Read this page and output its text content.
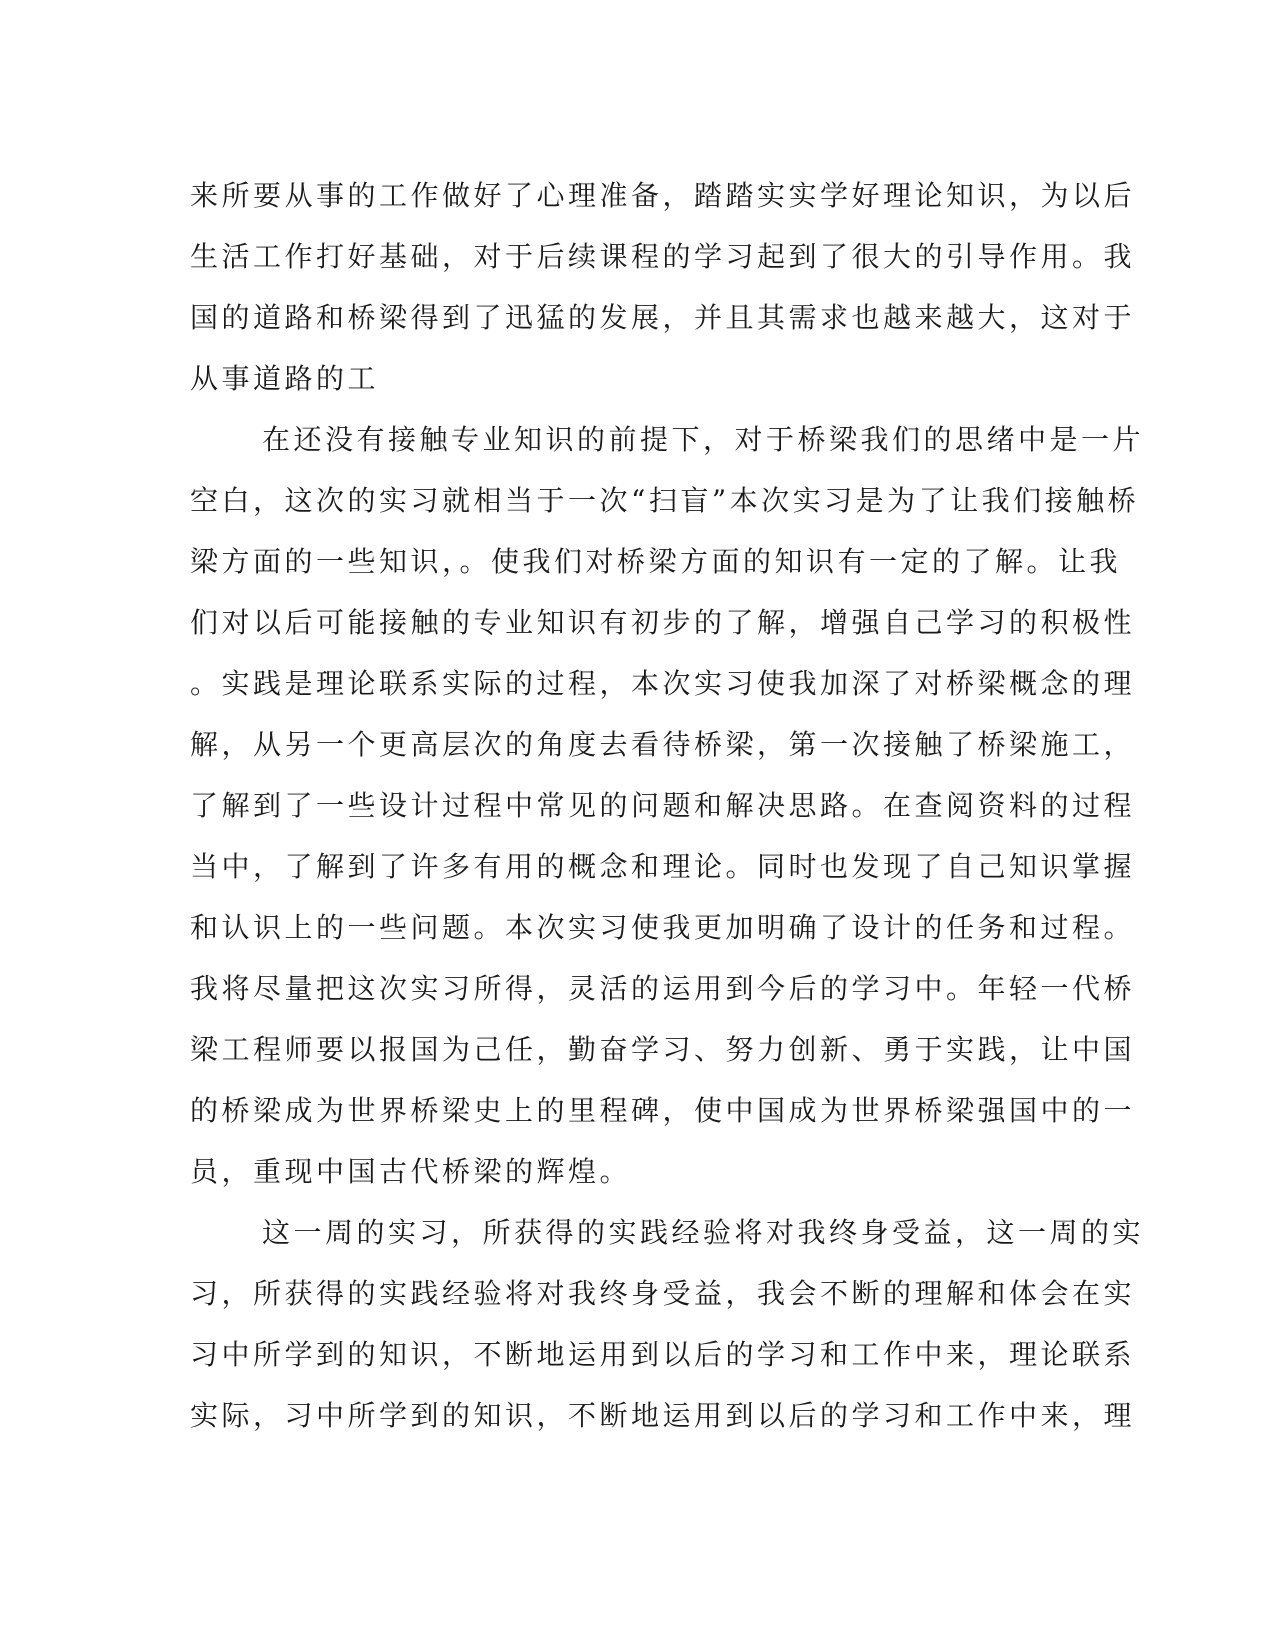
来所要从事的工作做好了心理准备，踏踏实实学好理论知识，为以后
生活工作打好基础，对于后续课程的学习起到了很大的引导作用。我
国的道路和桥梁得到了迅猛的发展，并且其需求也越来越大，这对于
从事道路的工
在还没有接触专业知识的前提下，对于桥梁我们的思绪中是一片
空白，这次的实习就相当于一次“扫盲”本次实习是为了让我们接触桥
梁方面的一些知识，。使我们对桥梁方面的知识有一定的了解。让我
们对以后可能接触的专业知识有初步的了解，增强自己学习的积极性
。实践是理论联系实际的过程，本次实习使我加深了对桥梁概念的理
解，从另一个更高层次的角度去看待桥梁，第一次接触了桥梁施工，
了解到了一些设计过程中常见的问题和解决思路。在查阅资料的过程
当中，了解到了许多有用的概念和理论。同时也发现了自己知识掌握
和认识上的一些问题。本次实习使我更加明确了设计的任务和过程。
我将尽量把这次实习所得，灵活的运用到今后的学习中。年轻一代桥
梁工程师要以报国为己任，勤奋学习、努力创新、勇于实践，让中国
的桥梁成为世界桥梁史上的里程碑，使中国成为世界桥梁强国中的一
员，重现中国古代桥梁的辉煌。
这一周的实习，所获得的实践经验将对我终身受益，这一周的实
习，所获得的实践经验将对我终身受益，我会不断的理解和体会在实
习中所学到的知识，不断地运用到以后的学习和工作中来，理论联系
实际，习中所学到的知识，不断地运用到以后的学习和工作中来，理
